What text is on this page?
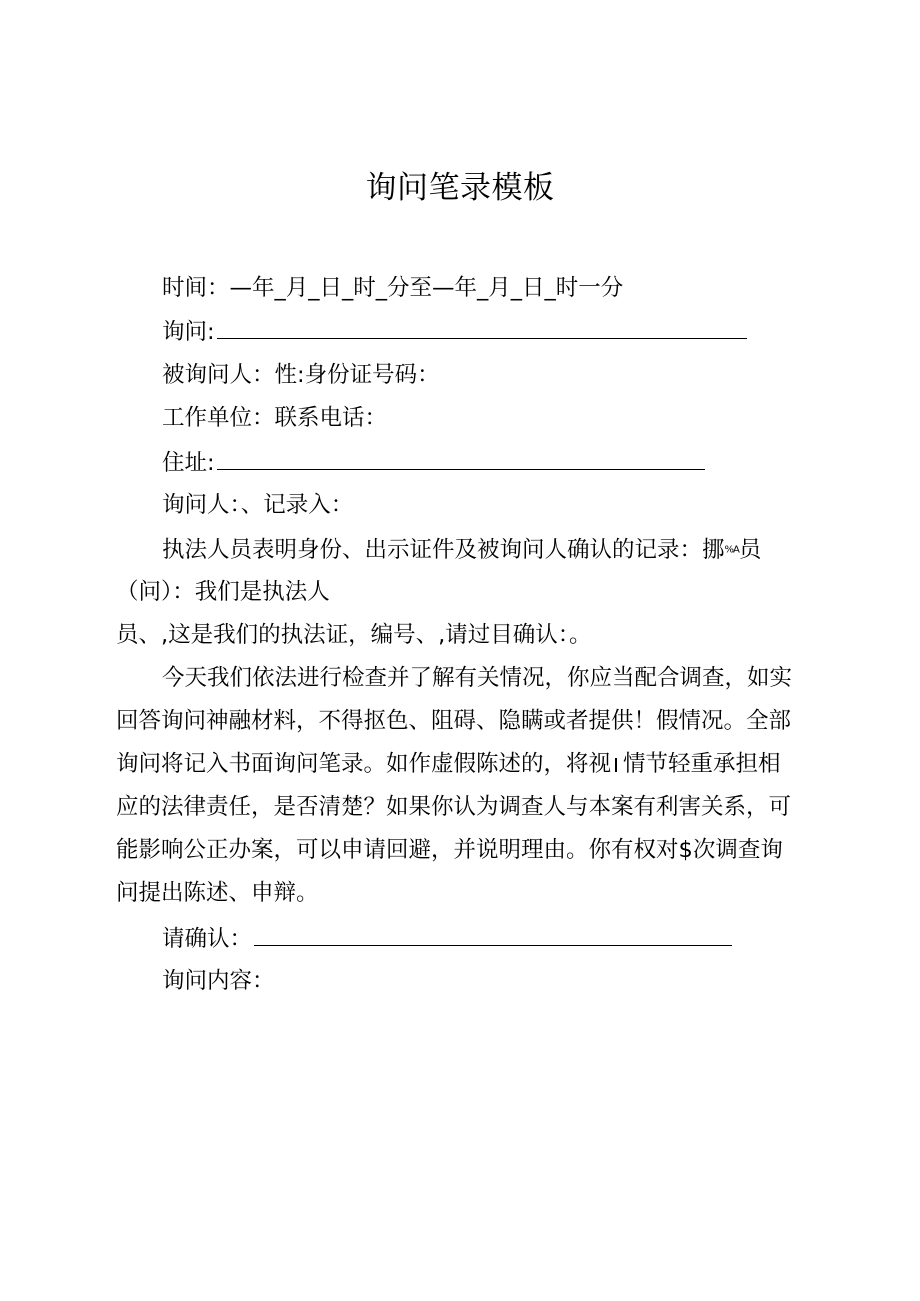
询问笔录模板
时间：—年_月_日_时_分至—年_月_日_时一分
询问:
被询问人：性:身份证号码：
工作单位：联系电话：
住址:
询问人：、记录入：
执法人员表明身份、出示证件及被询问人确认的记录：挪%A员
（问）：我们是执法人
员、,这是我们的执法证，编号、,请过目确认：。
今天我们依法进行检查并了解有关情况，你应当配合调查，如实
回答询问神融材料，不得抠色、阻碍、隐瞒或者提供！假情况。全部
询问将记入书面询问笔录。如作虚假陈述的，将视 情节轻重承担相
应的法律责任，是否清楚？如果你认为调查人与本案有利害关系，可
能影响公正办案，可以申请回避，并说明理由。你有权对$次调查询
问提出陈述、申辩。
请确认：
询问内容：
